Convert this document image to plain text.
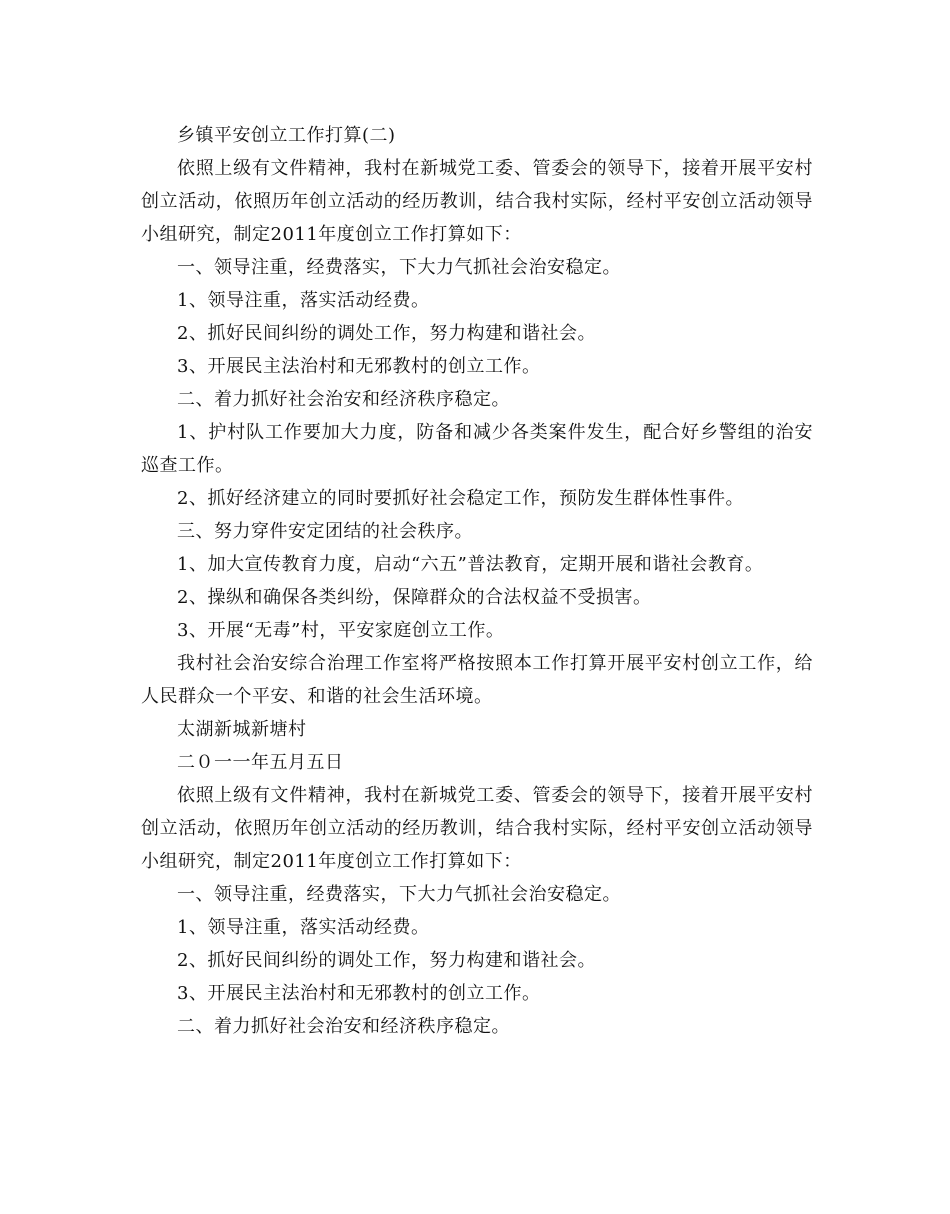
乡镇平安创立工作打算(二)

依照上级有文件精神，我村在新城党工委、管委会的领导下，接着开展平安村创立活动，依照历年创立活动的经历教训，结合我村实际，经村平安创立活动领导小组研究，制定2011年度创立工作打算如下：

一、领导注重，经费落实，下大力气抓社会治安稳定。

1、领导注重，落实活动经费。

2、抓好民间纠纷的调处工作，努力构建和谐社会。

3、开展民主法治村和无邪教村的创立工作。

二、着力抓好社会治安和经济秩序稳定。

1、护村队工作要加大力度，防备和减少各类案件发生，配合好乡警组的治安巡查工作。

2、抓好经济建立的同时要抓好社会稳定工作，预防发生群体性事件。

三、努力穿件安定团结的社会秩序。

1、加大宣传教育力度，启动“六五”普法教育，定期开展和谐社会教育。

2、操纵和确保各类纠纷，保障群众的合法权益不受损害。

3、开展“无毒”村，平安家庭创立工作。

我村社会治安综合治理工作室将严格按照本工作打算开展平安村创立工作，给人民群众一个平安、和谐的社会生活环境。

太湖新城新塘村

二０一一年五月五日

依照上级有文件精神，我村在新城党工委、管委会的领导下，接着开展平安村创立活动，依照历年创立活动的经历教训，结合我村实际，经村平安创立活动领导小组研究，制定2011年度创立工作打算如下：

一、领导注重，经费落实，下大力气抓社会治安稳定。

1、领导注重，落实活动经费。

2、抓好民间纠纷的调处工作，努力构建和谐社会。

3、开展民主法治村和无邪教村的创立工作。

二、着力抓好社会治安和经济秩序稳定。
